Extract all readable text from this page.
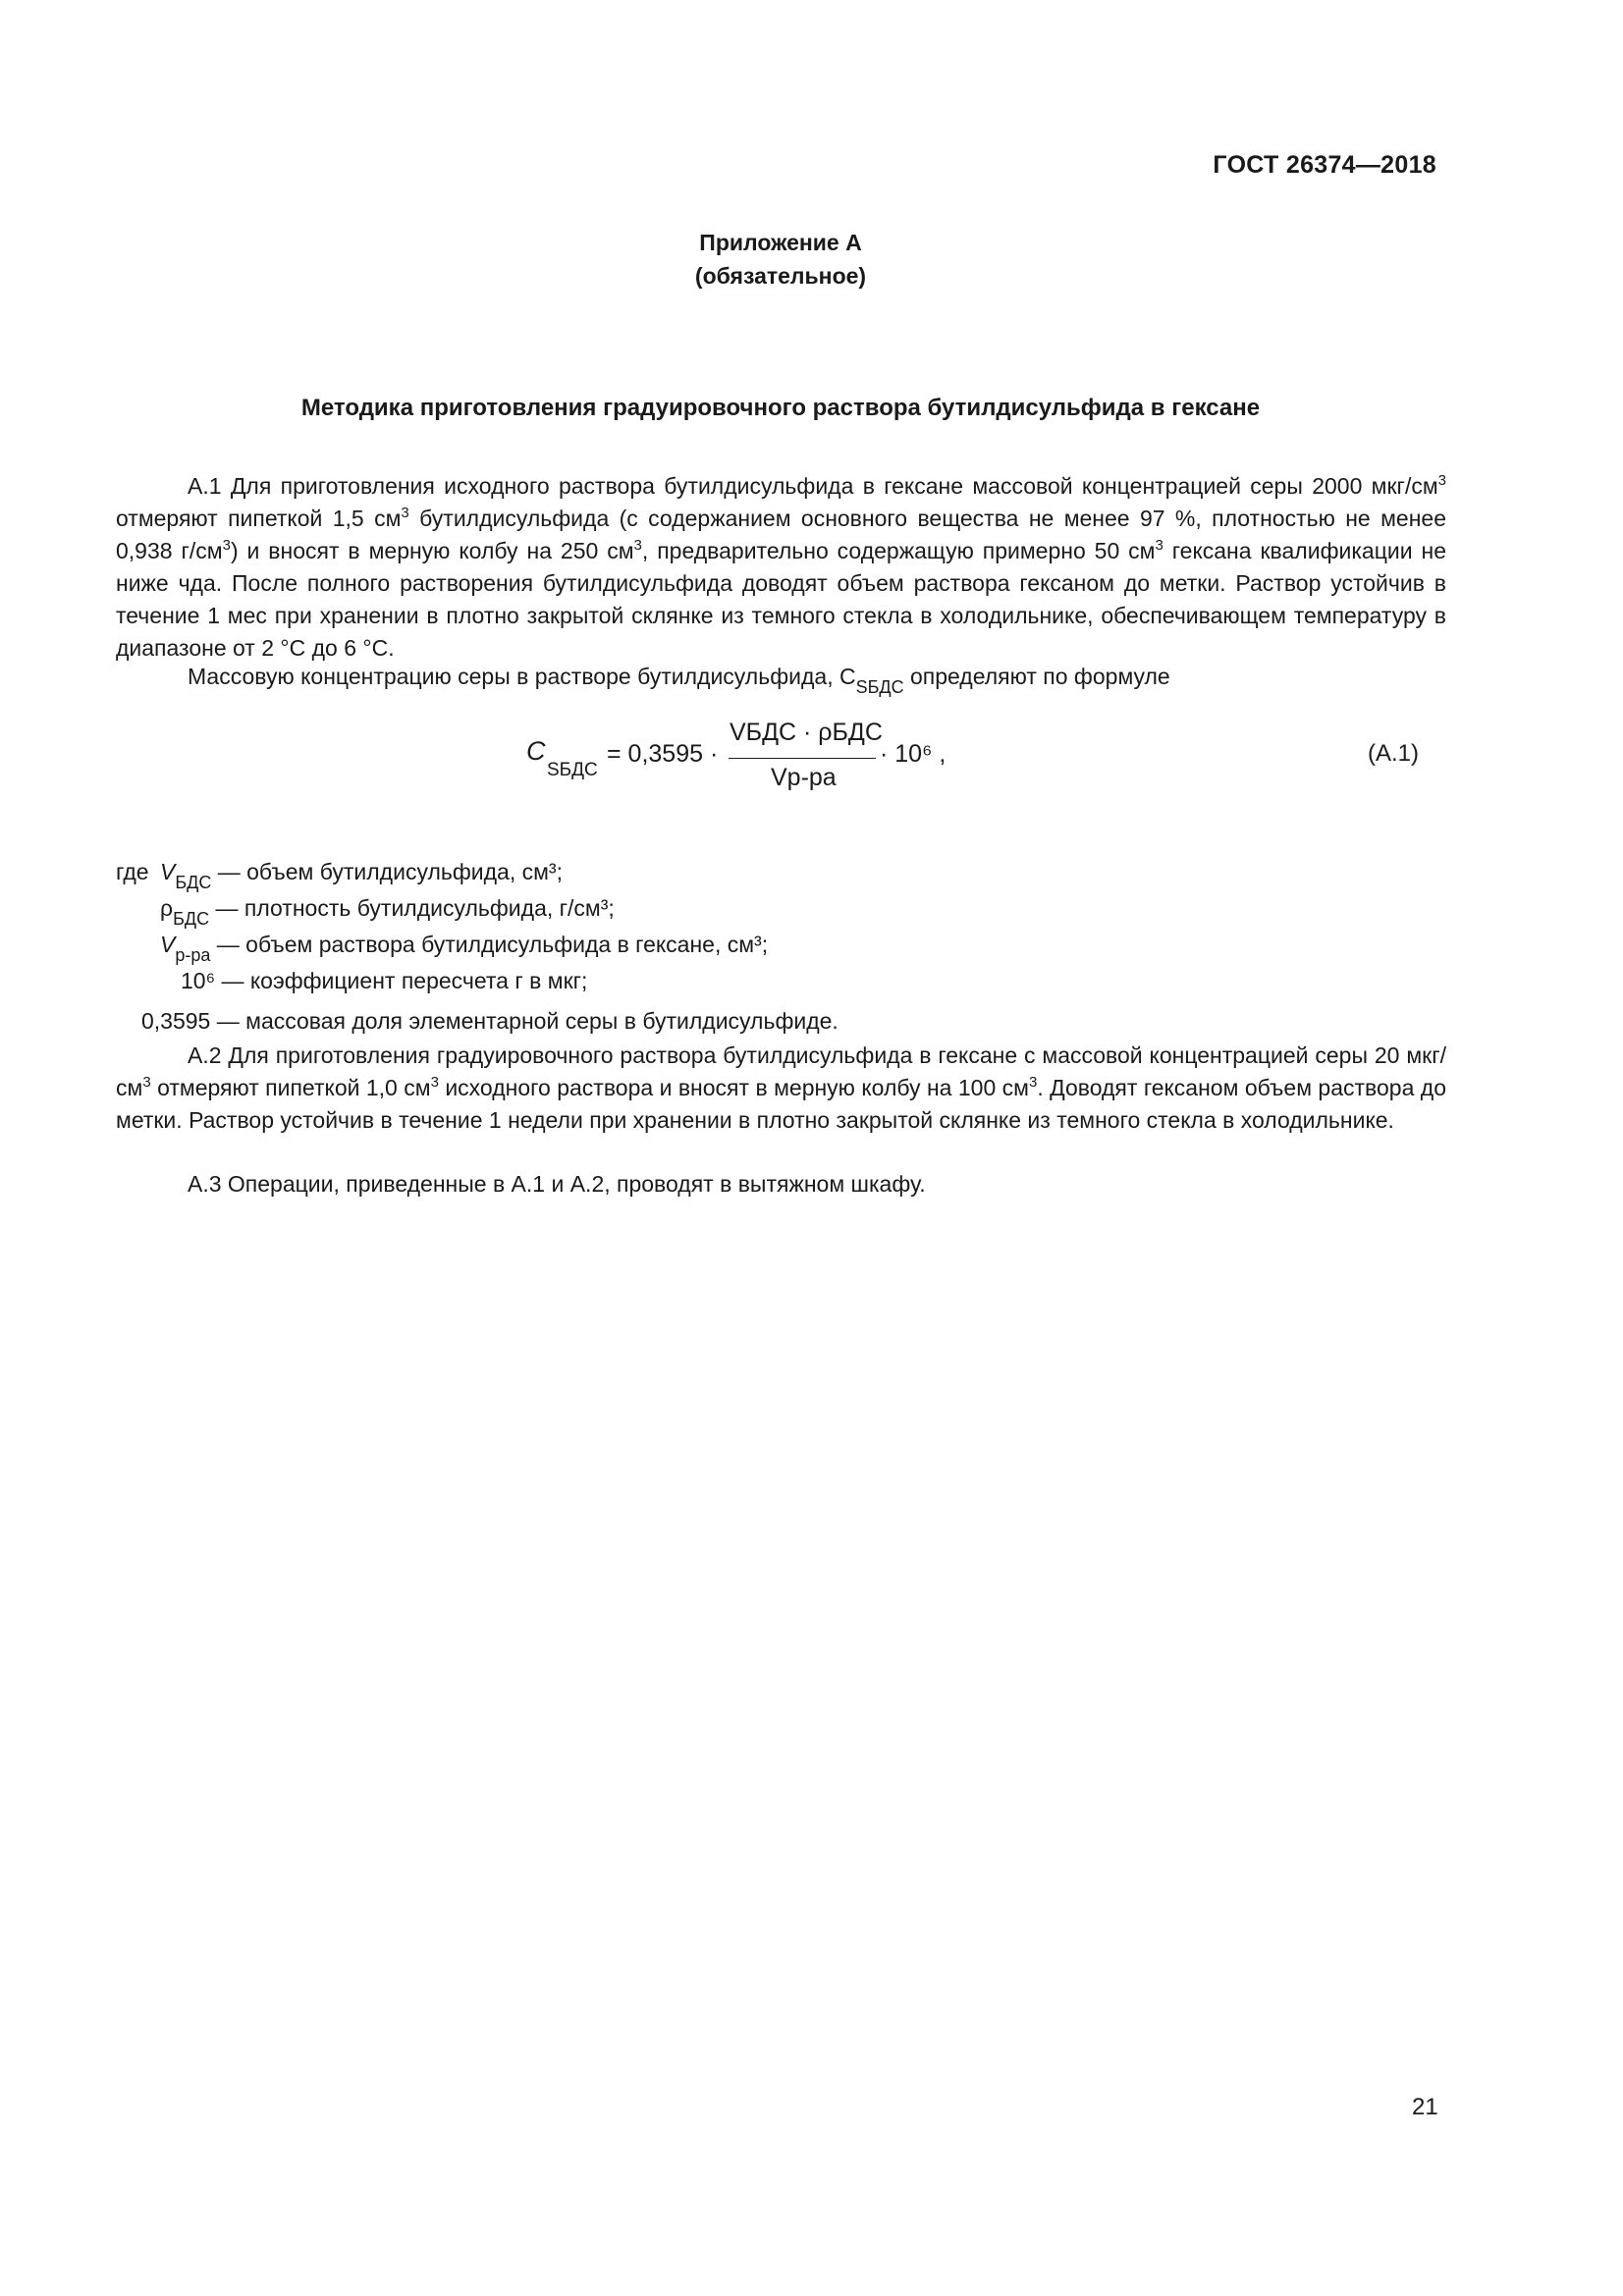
ГОСТ 26374—2018
Приложение А
(обязательное)
Методика приготовления градуировочного раствора бутилдисульфида в гексане
А.1 Для приготовления исходного раствора бутилдисульфида в гексане массовой концентрацией серы 2000 мкг/$см^3$ отмеряют пипеткой 1,5 $см^3$ бутилдисульфида (с содержанием основного вещества не менее 97 %, плотностью не менее 0,938 $г/см^3$) и вносят в мерную колбу на 250 $см^3$, предварительно содержащую примерно 50 $см^3$ гексана квалификации не ниже чда. После полного растворения бутилдисульфида доводят объем раствора гексаном до метки. Раствор устойчив в течение 1 мес при хранении в плотно закрытой склянке из темного стекла в холодильнике, обеспечивающем температуру в диапазоне от 2 °С до 6 °С.
Массовую концентрацию серы в растворе бутилдисульфида, $С_{SБДС}$ определяют по формуле
C
SБДС
= 0,3595 ·
VБДС · ρБДС
Vр-ра
· 10⁶ ,	(А.1)
где $V_{БДС}$ — объем бутилдисульфида, см³;
$\rho_{БДС}$ — плотность бутилдисульфида, г/см³;
$V_{р-ра}$ — объем раствора бутилдисульфида в гексане, см³;
10⁶ — коэффициент пересчета г в мкг;
0,3595 — массовая доля элементарной серы в бутилдисульфиде.
А.2 Для приготовления градуировочного раствора бутилдисульфида в гексане с массовой концентрацией серы 20 мкг/$см^3$ отмеряют пипеткой 1,0 $см^3$ исходного раствора и вносят в мерную колбу на 100 $см^3$. Доводят гексаном объем раствора до метки. Раствор устойчив в течение 1 недели при хранении в плотно закрытой склянке из темного стекла в холодильнике.
А.3 Операции, приведенные в А.1 и А.2, проводят в вытяжном шкафу.
21
